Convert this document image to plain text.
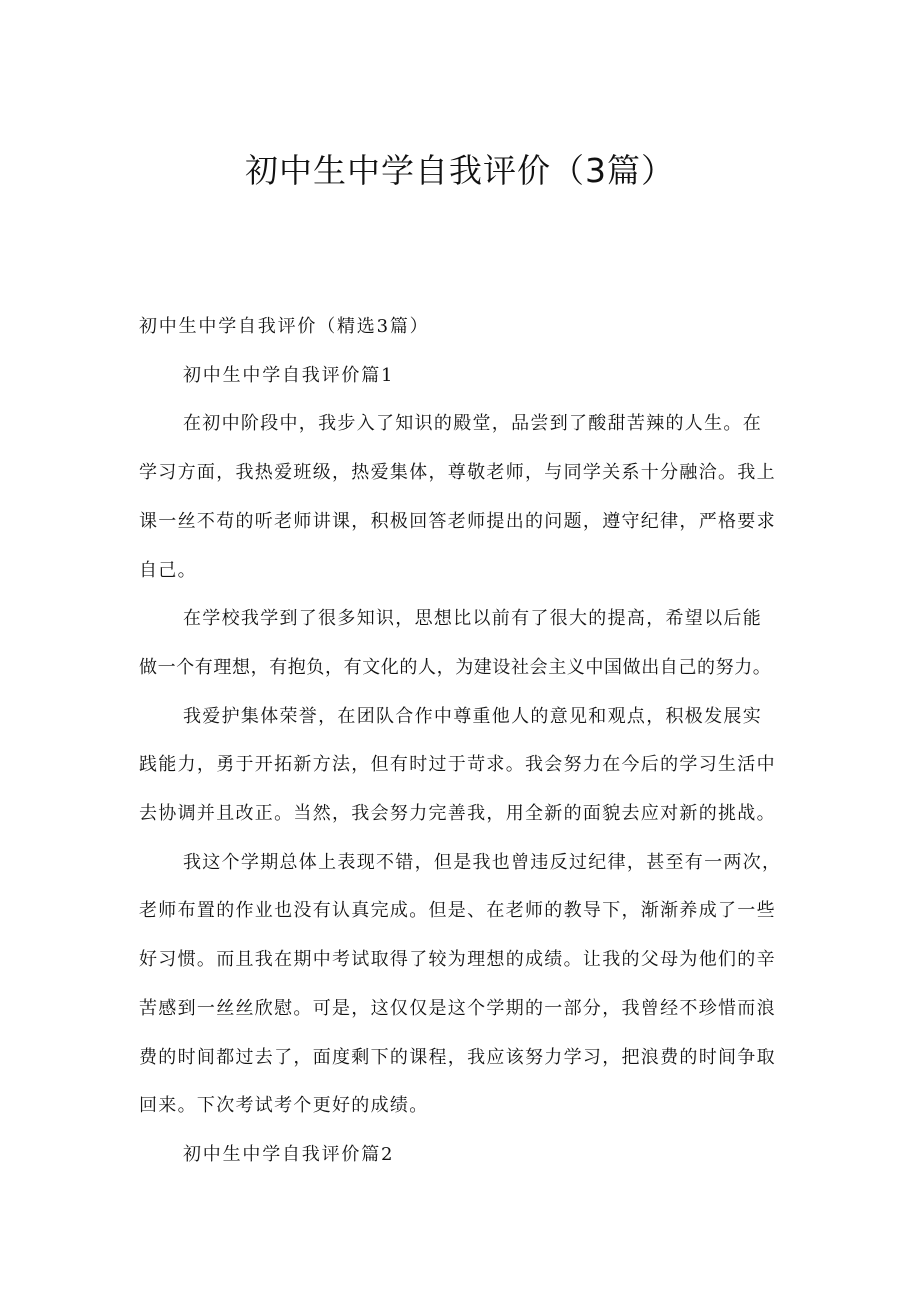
初中生中学自我评价（3篇）

初中生中学自我评价（精选3篇）

初中生中学自我评价篇1

在初中阶段中，我步入了知识的殿堂，品尝到了酸甜苦辣的人生。在

学习方面，我热爱班级，热爱集体，尊敬老师，与同学关系十分融洽。我上

课一丝不苟的听老师讲课，积极回答老师提出的问题，遵守纪律，严格要求

自己。

在学校我学到了很多知识，思想比以前有了很大的提高，希望以后能

做一个有理想，有抱负，有文化的人，为建设社会主义中国做出自己的努力。

我爱护集体荣誉，在团队合作中尊重他人的意见和观点，积极发展实

践能力，勇于开拓新方法，但有时过于苛求。我会努力在今后的学习生活中

去协调并且改正。当然，我会努力完善我，用全新的面貌去应对新的挑战。

我这个学期总体上表现不错，但是我也曾违反过纪律，甚至有一两次，

老师布置的作业也没有认真完成。但是、在老师的教导下，渐渐养成了一些

好习惯。而且我在期中考试取得了较为理想的成绩。让我的父母为他们的辛

苦感到一丝丝欣慰。可是，这仅仅是这个学期的一部分，我曾经不珍惜而浪

费的时间都过去了，面度剩下的课程，我应该努力学习，把浪费的时间争取

回来。下次考试考个更好的成绩。

初中生中学自我评价篇2
